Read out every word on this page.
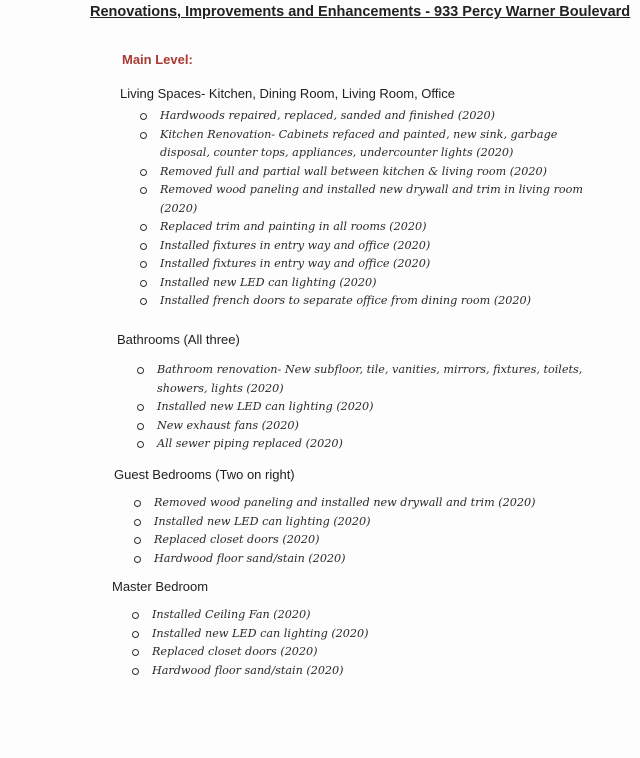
Renovations, Improvements and Enhancements - 933 Percy Warner Boulevard
Main Level:
Living Spaces- Kitchen, Dining Room, Living Room, Office
Hardwoods repaired, replaced, sanded and finished (2020)
Kitchen Renovation- Cabinets refaced and painted, new sink, garbage disposal, counter tops, appliances, undercounter lights (2020)
Removed full and partial wall between kitchen & living room (2020)
Removed wood paneling and installed new drywall and trim in living room (2020)
Replaced trim and painting in all rooms (2020)
Installed fixtures in entry way and office (2020)
Installed fixtures in entry way and office (2020)
Installed new LED can lighting (2020)
Installed french doors to separate office from dining room (2020)
Bathrooms (All three)
Bathroom renovation- New subfloor, tile, vanities, mirrors, fixtures, toilets, showers, lights (2020)
Installed new LED can lighting (2020)
New exhaust fans (2020)
All sewer piping replaced (2020)
Guest Bedrooms (Two on right)
Removed wood paneling and installed new drywall and trim (2020)
Installed new LED can lighting (2020)
Replaced closet doors (2020)
Hardwood floor sand/stain (2020)
Master Bedroom
Installed Ceiling Fan (2020)
Installed new LED can lighting (2020)
Replaced closet doors (2020)
Hardwood floor sand/stain (2020)
